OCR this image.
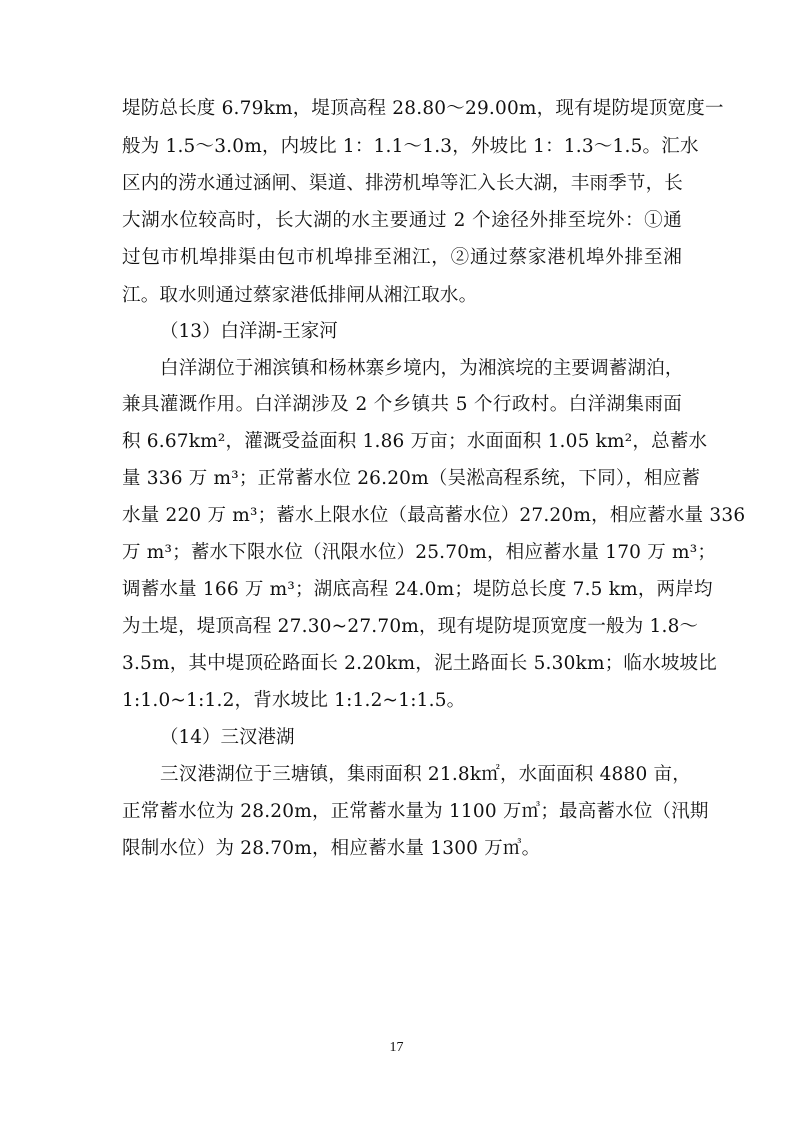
堤防总长度 6.79km，堤顶高程 28.80～29.00m，现有堤防堤顶宽度一
般为 1.5～3.0m，内坡比 1：1.1～1.3，外坡比 1：1.3～1.5。汇水
区内的涝水通过涵闸、渠道、排涝机埠等汇入长大湖，丰雨季节，长
大湖水位较高时，长大湖的水主要通过 2 个途径外排至垸外：①通
过包市机埠排渠由包市机埠排至湘江，②通过蔡家港机埠外排至湘
江。取水则通过蔡家港低排闸从湘江取水。
（13）白洋湖-王家河
白洋湖位于湘滨镇和杨林寨乡境内，为湘滨垸的主要调蓄湖泊，
兼具灌溉作用。白洋湖涉及 2 个乡镇共 5 个行政村。白洋湖集雨面
积 6.67km²，灌溉受益面积 1.86 万亩；水面面积 1.05 km²，总蓄水
量 336 万 m³；正常蓄水位 26.20m（吴淞高程系统，下同），相应蓄
水量 220 万 m³；蓄水上限水位（最高蓄水位）27.20m，相应蓄水量 336
万 m³；蓄水下限水位（汛限水位）25.70m，相应蓄水量 170 万 m³；
调蓄水量 166 万 m³；湖底高程 24.0m；堤防总长度 7.5 km，两岸均
为土堤，堤顶高程 27.30~27.70m，现有堤防堤顶宽度一般为 1.8～
3.5m，其中堤顶砼路面长 2.20km，泥土路面长 5.30km；临水坡坡比
1:1.0~1:1.2，背水坡比 1:1.2~1:1.5。
（14）三汊港湖
三汊港湖位于三塘镇，集雨面积 21.8k㎡，水面面积 4880 亩，
正常蓄水位为 28.20m，正常蓄水量为 1100 万㎥；最高蓄水位（汛期
限制水位）为 28.70m，相应蓄水量 1300 万㎥。
17
